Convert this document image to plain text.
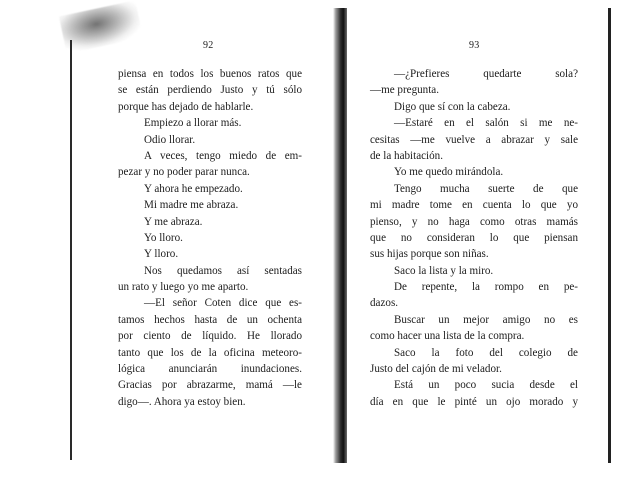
92
piensa en todos los buenos ratos que
se están perdiendo Justo y tú sólo
porque has dejado de hablarle.
Empiezo a llorar más.
Odio llorar.
A veces, tengo miedo de em-
pezar y no poder parar nunca.
Y ahora he empezado.
Mi madre me abraza.
Y me abraza.
Yo lloro.
Y lloro.
Nos quedamos así sentadas
un rato y luego yo me aparto.
—El señor Coten dice que es-
tamos hechos hasta de un ochenta
por ciento de líquido. He llorado
tanto que los de la oficina meteoro-
lógica anunciarán inundaciones.
Gracias por abrazarme, mamá —le
digo—. Ahora ya estoy bien.
93
—¿Prefieres quedarte sola?
—me pregunta.
Digo que sí con la cabeza.
—Estaré en el salón si me ne-
cesitas —me vuelve a abrazar y sale
de la habitación.
Yo me quedo mirándola.
Tengo mucha suerte de que
mi madre tome en cuenta lo que yo
pienso, y no haga como otras mamás
que no consideran lo que piensan
sus hijas porque son niñas.
Saco la lista y la miro.
De repente, la rompo en pe-
dazos.
Buscar un mejor amigo no es
como hacer una lista de la compra.
Saco la foto del colegio de
Justo del cajón de mi velador.
Está un poco sucia desde el
día en que le pinté un ojo morado y
